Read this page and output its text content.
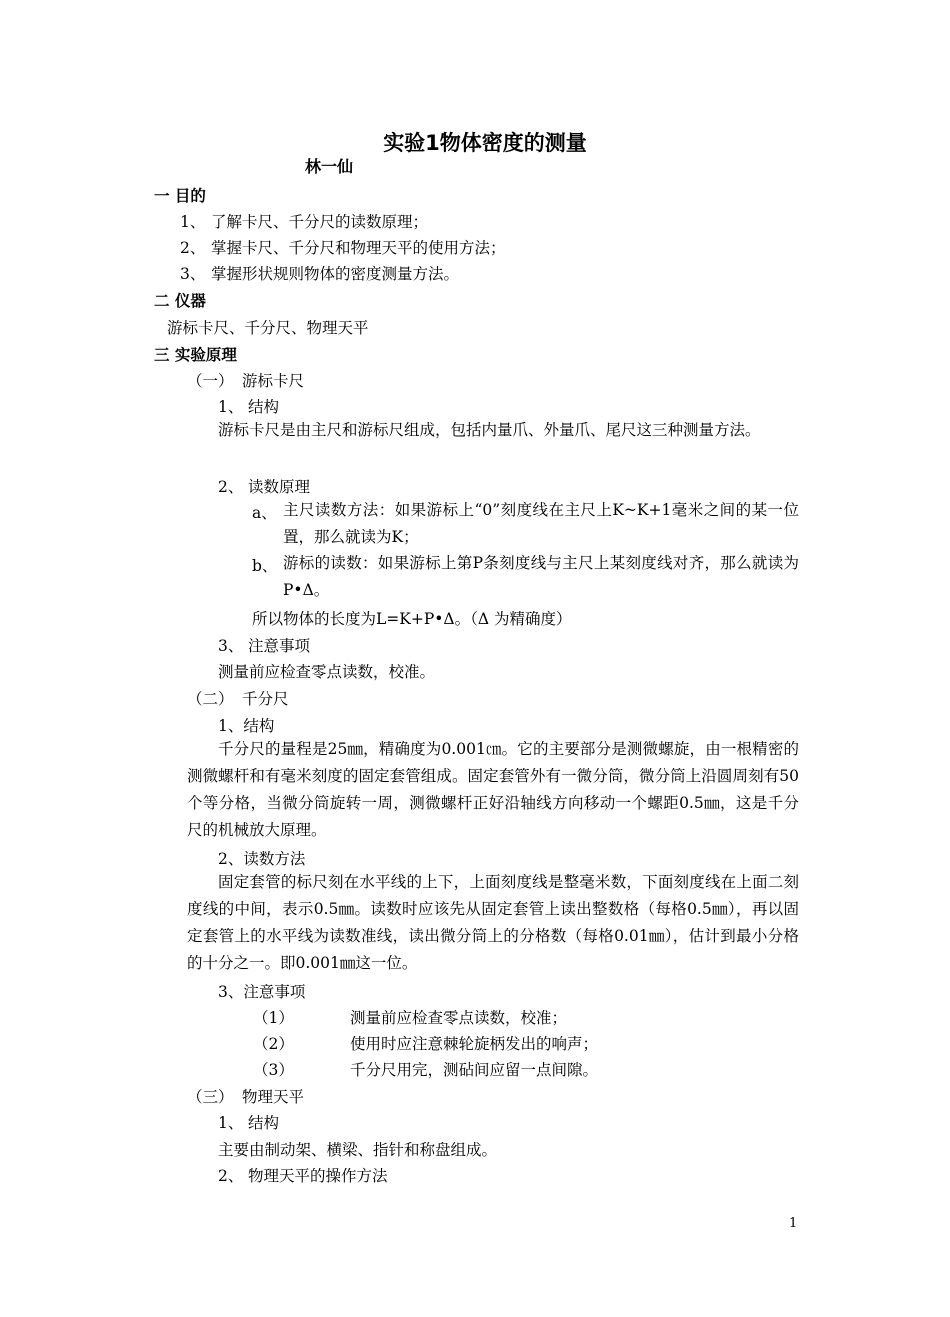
实验1物体密度的测量
林一仙
一 目的
1、 了解卡尺、千分尺的读数原理；
2、 掌握卡尺、千分尺和物理天平的使用方法；
3、 掌握形状规则物体的密度测量方法。
二 仪器
游标卡尺、千分尺、物理天平
三 实验原理
（一） 游标卡尺
1、 结构
游标卡尺是由主尺和游标尺组成，包括内量爪、外量爪、尾尺这三种测量方法。
2、 读数原理
a、 主尺读数方法：如果游标上“0”刻度线在主尺上K~K+1毫米之间的某一位置，那么就读为K；
b、 游标的读数：如果游标上第P条刻度线与主尺上某刻度线对齐，那么就读为P•Δ。
所以物体的长度为L=K+P•Δ。（Δ 为精确度）
3、 注意事项
测量前应检查零点读数，校准。
（二） 千分尺
1、结构
千分尺的量程是25㎜，精确度为0.001㎝。它的主要部分是测微螺旋，由一根精密的测微螺杆和有毫米刻度的固定套管组成。固定套管外有一微分筒，微分筒上沿圆周刻有50个等分格，当微分筒旋转一周，测微螺杆正好沿轴线方向移动一个螺距0.5㎜，这是千分尺的机械放大原理。
2、读数方法
固定套管的标尺刻在水平线的上下，上面刻度线是整毫米数，下面刻度线在上面二刻度线的中间，表示0.5㎜。读数时应该先从固定套管上读出整数格（每格0.5㎜），再以固定套管上的水平线为读数准线，读出微分筒上的分格数（每格0.01㎜），估计到最小分格的十分之一。即0.001㎜这一位。
3、注意事项
（1）	测量前应检查零点读数，校准；
（2）	使用时应注意棘轮旋柄发出的响声；
（3）	千分尺用完，测砧间应留一点间隙。
（三） 物理天平
1、 结构
主要由制动架、横梁、指针和称盘组成。
2、 物理天平的操作方法
1
